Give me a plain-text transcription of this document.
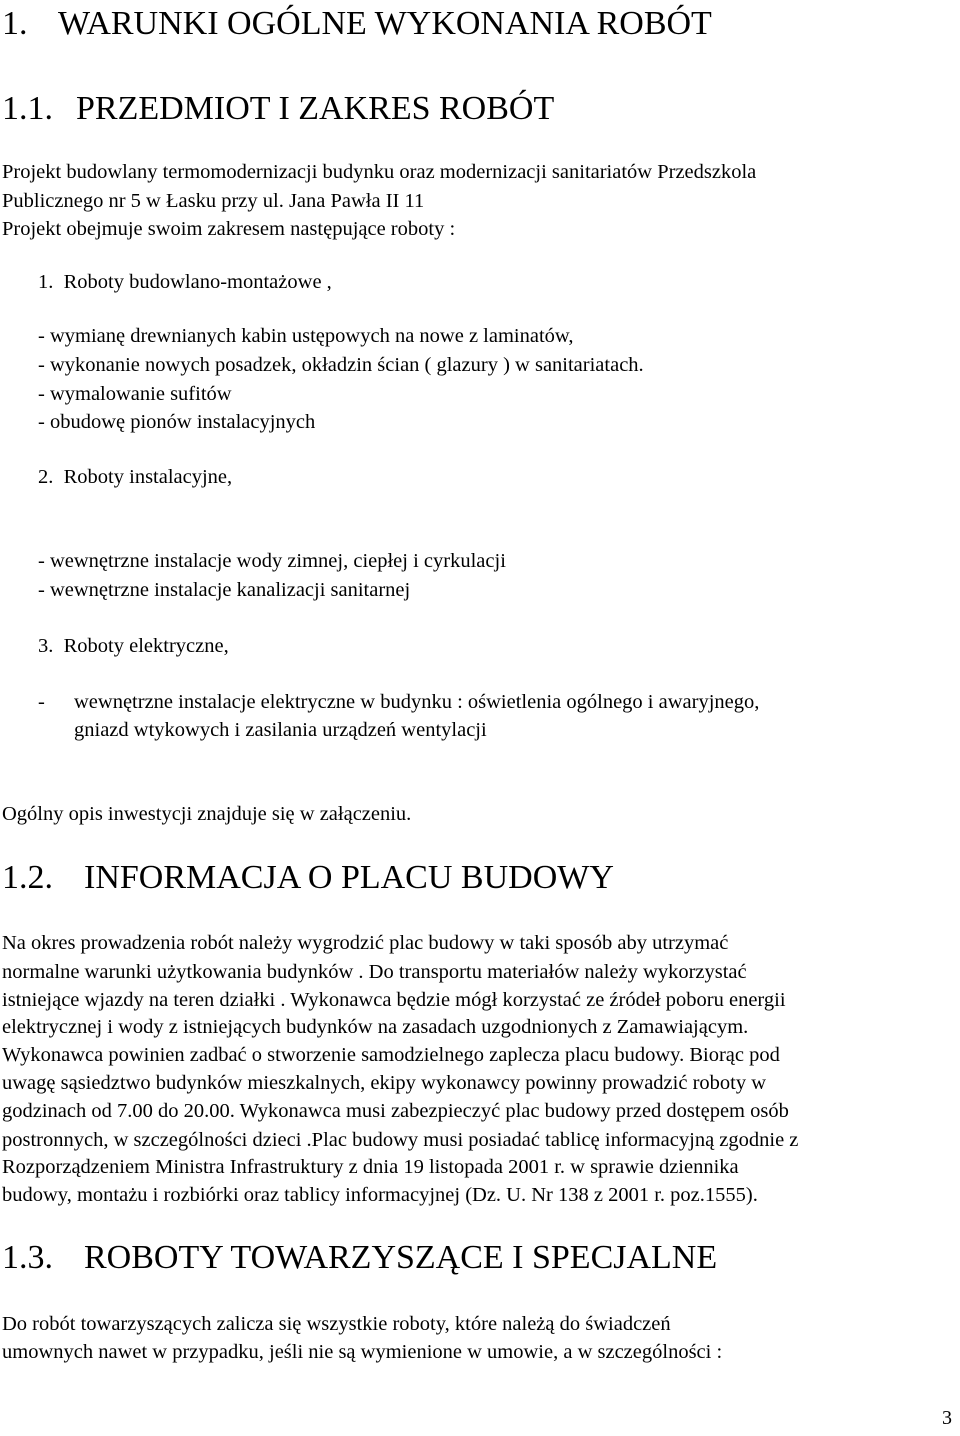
1. WARUNKI OGÓLNE WYKONANIA ROBÓT
1.1. PRZEDMIOT I ZAKRES ROBÓT
Projekt budowlany termomodernizacji budynku oraz modernizacji sanitariatów Przedszkola
Publicznego nr 5 w Łasku przy ul. Jana Pawła II 11
Projekt obejmuje swoim zakresem następujące roboty :
1.  Roboty budowlano-montażowe ,
- wymianę drewnianych kabin ustępowych na nowe z laminatów,
- wykonanie nowych posadzek, okładzin ścian ( glazury ) w sanitariatach.
- wymalowanie sufitów
- obudowę pionów instalacyjnych
2.  Roboty instalacyjne,
- wewnętrzne instalacje wody zimnej, ciepłej i cyrkulacji
- wewnętrzne instalacje kanalizacji sanitarnej
3.  Roboty elektryczne,
- wewnętrzne instalacje elektryczne w budynku : oświetlenia ogólnego i awaryjnego,
gniazd wtykowych i zasilania urządzeń wentylacji
Ogólny opis inwestycji znajduje się w załączeniu.
1.2. INFORMACJA O PLACU BUDOWY
Na okres prowadzenia robót należy wygrodzić plac budowy w taki sposób aby utrzymać
normalne warunki użytkowania budynków . Do transportu materiałów należy wykorzystać
istniejące wjazdy na teren działki . Wykonawca będzie mógł korzystać ze źródeł poboru energii
elektrycznej i wody z istniejących budynków na zasadach uzgodnionych z Zamawiającym.
Wykonawca powinien zadbać o stworzenie samodzielnego zaplecza placu budowy. Biorąc pod
uwagę sąsiedztwo budynków mieszkalnych, ekipy wykonawcy powinny prowadzić roboty w
godzinach od 7.00 do 20.00. Wykonawca musi zabezpieczyć plac budowy przed dostępem osób
postronnych, w szczególności dzieci .Plac budowy musi posiadać tablicę informacyjną zgodnie z
Rozporządzeniem Ministra Infrastruktury z dnia 19 listopada 2001 r. w sprawie dziennika
budowy, montażu i rozbiórki oraz tablicy informacyjnej (Dz. U. Nr 138 z 2001 r. poz.1555).
1.3. ROBOTY TOWARZYSZĄCE I SPECJALNE
Do robót towarzyszących zalicza się wszystkie roboty, które należą do świadczeń
umownych nawet w przypadku, jeśli nie są wymienione w umowie, a w szczególności :
3
